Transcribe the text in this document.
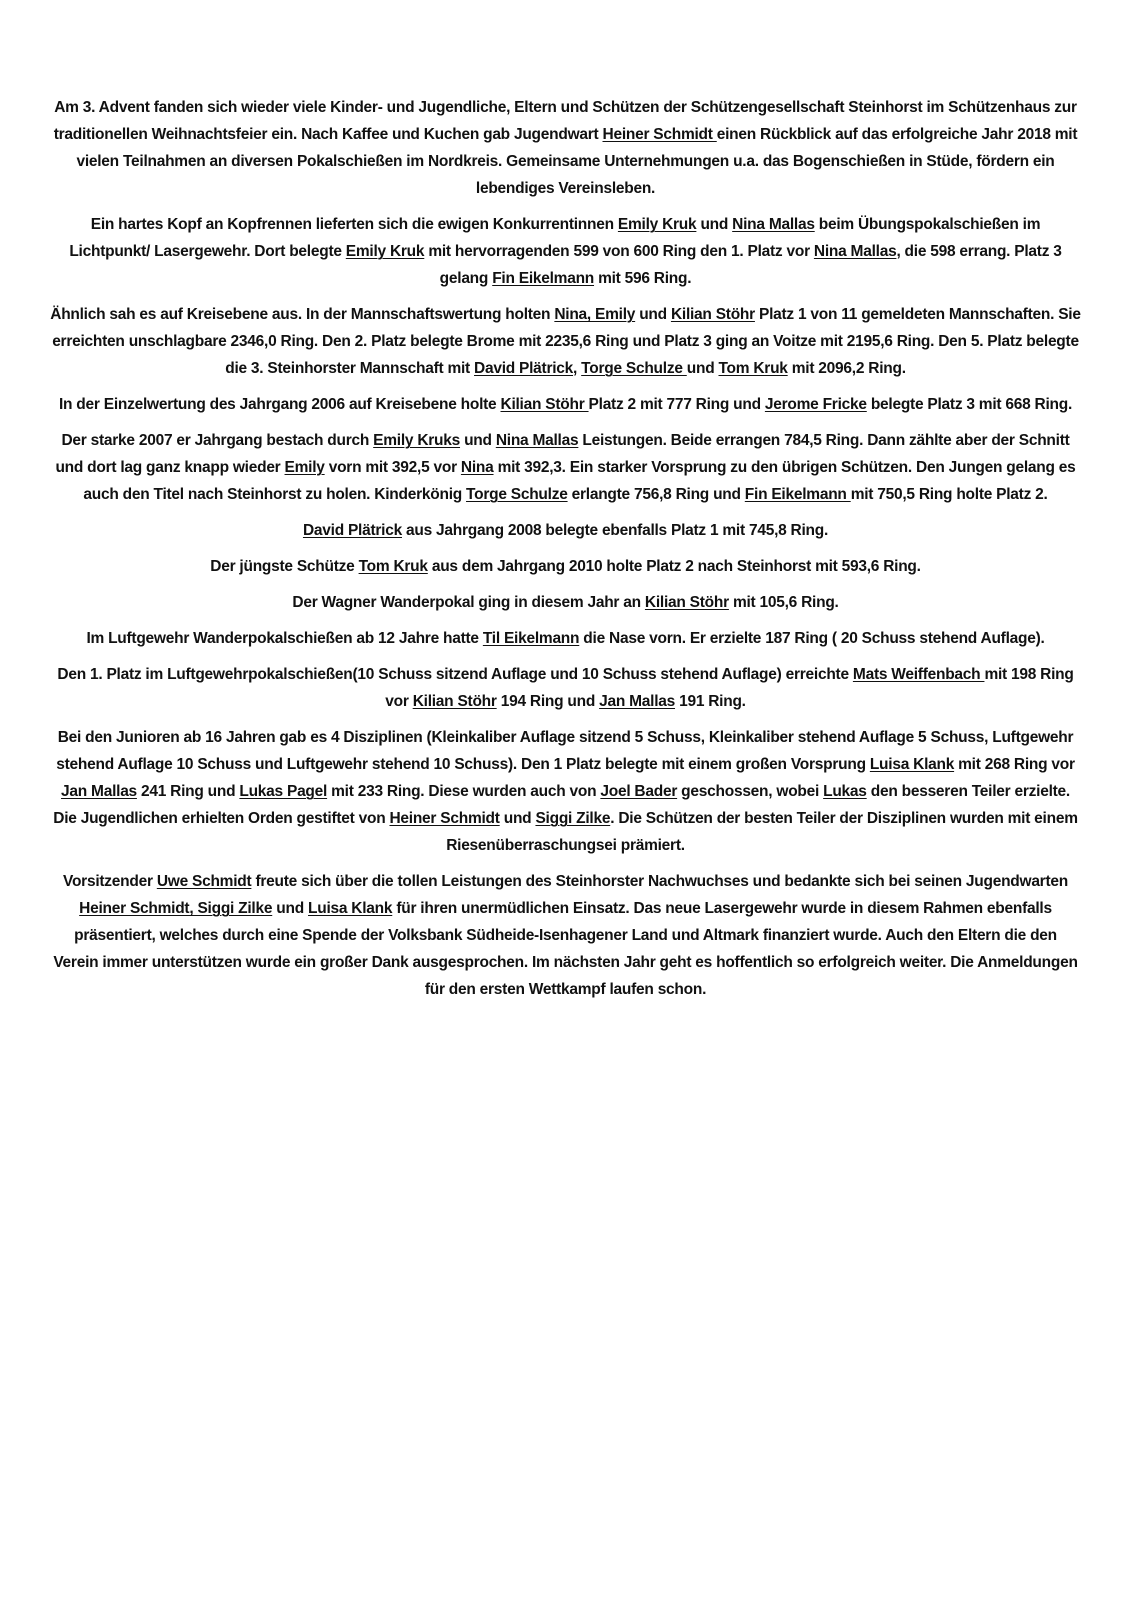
Am 3. Advent fanden sich wieder viele Kinder- und Jugendliche, Eltern und Schützen der Schützengesellschaft Steinhorst im Schützenhaus zur traditionellen Weihnachtsfeier ein. Nach Kaffee und Kuchen gab Jugendwart Heiner Schmidt einen Rückblick auf das erfolgreiche Jahr 2018 mit vielen Teilnahmen an diversen Pokalschießen im Nordkreis. Gemeinsame Unternehmungen u.a. das Bogenschießen in Stüde, fördern ein lebendiges Vereinsleben.

Ein hartes Kopf an Kopfrennen lieferten sich die ewigen Konkurrentinnen Emily Kruk und Nina Mallas beim Übungspokalschießen im Lichtpunkt/ Lasergewehr. Dort belegte Emily Kruk mit hervorragenden 599 von 600 Ring den 1. Platz vor Nina Mallas, die 598 errang. Platz 3 gelang Fin Eikelmann mit 596 Ring.

Ähnlich sah es auf Kreisebene aus. In der Mannschaftswertung holten Nina, Emily und Kilian Stöhr Platz 1 von 11 gemeldeten Mannschaften. Sie erreichten unschlagbare 2346,0 Ring. Den 2. Platz belegte Brome mit 2235,6 Ring und Platz 3 ging an Voitze mit 2195,6 Ring. Den 5. Platz belegte die 3. Steinhorster Mannschaft mit David Plätrick, Torge Schulze und Tom Kruk mit 2096,2 Ring.

In der Einzelwertung des Jahrgang 2006 auf Kreisebene holte Kilian Stöhr Platz 2 mit 777 Ring und Jerome Fricke belegte Platz 3 mit 668 Ring.

Der starke 2007 er Jahrgang bestach durch Emily Kruks und Nina Mallas Leistungen. Beide errangen 784,5 Ring. Dann zählte aber der Schnitt und dort lag ganz knapp wieder Emily vorn mit 392,5 vor Nina mit 392,3. Ein starker Vorsprung zu den übrigen Schützen. Den Jungen gelang es auch den Titel nach Steinhorst zu holen. Kinderkönig Torge Schulze erlangte 756,8 Ring und Fin Eikelmann mit 750,5 Ring holte Platz 2.

David Plätrick aus Jahrgang 2008 belegte ebenfalls Platz 1 mit 745,8 Ring.

Der jüngste Schütze Tom Kruk aus dem Jahrgang 2010 holte Platz 2 nach Steinhorst mit 593,6 Ring.

Der Wagner Wanderpokal ging in diesem Jahr an Kilian Stöhr mit 105,6 Ring.

Im Luftgewehr Wanderpokalschießen ab 12 Jahre hatte Til Eikelmann die Nase vorn. Er erzielte 187 Ring ( 20 Schuss stehend Auflage).

Den 1. Platz im Luftgewehrpokalschießen(10 Schuss sitzend Auflage und 10 Schuss stehend Auflage) erreichte Mats Weiffenbach mit 198 Ring vor Kilian Stöhr 194 Ring und Jan Mallas 191 Ring.

Bei den Junioren ab 16 Jahren gab es 4 Disziplinen (Kleinkaliber Auflage sitzend 5 Schuss, Kleinkaliber stehend Auflage 5 Schuss, Luftgewehr stehend Auflage 10 Schuss und Luftgewehr stehend 10 Schuss). Den 1 Platz belegte mit einem großen Vorsprung Luisa Klank mit 268 Ring vor Jan Mallas 241 Ring und Lukas Pagel mit 233 Ring. Diese wurden auch von Joel Bader geschossen, wobei Lukas den besseren Teiler erzielte. Die Jugendlichen erhielten Orden gestiftet von Heiner Schmidt und Siggi Zilke. Die Schützen der besten Teiler der Disziplinen wurden mit einem Riesenüberraschungsei prämiert.

Vorsitzender Uwe Schmidt freute sich über die tollen Leistungen des Steinhorster Nachwuchses und bedankte sich bei seinen Jugendwarten Heiner Schmidt, Siggi Zilke und Luisa Klank für ihren unermüdlichen Einsatz. Das neue Lasergewehr wurde in diesem Rahmen ebenfalls präsentiert, welches durch eine Spende der Volksbank Südheide-Isenhagener Land und Altmark finanziert wurde. Auch den Eltern die den Verein immer unterstützen wurde ein großer Dank ausgesprochen. Im nächsten Jahr geht es hoffentlich so erfolgreich weiter. Die Anmeldungen für den ersten Wettkampf laufen schon.
